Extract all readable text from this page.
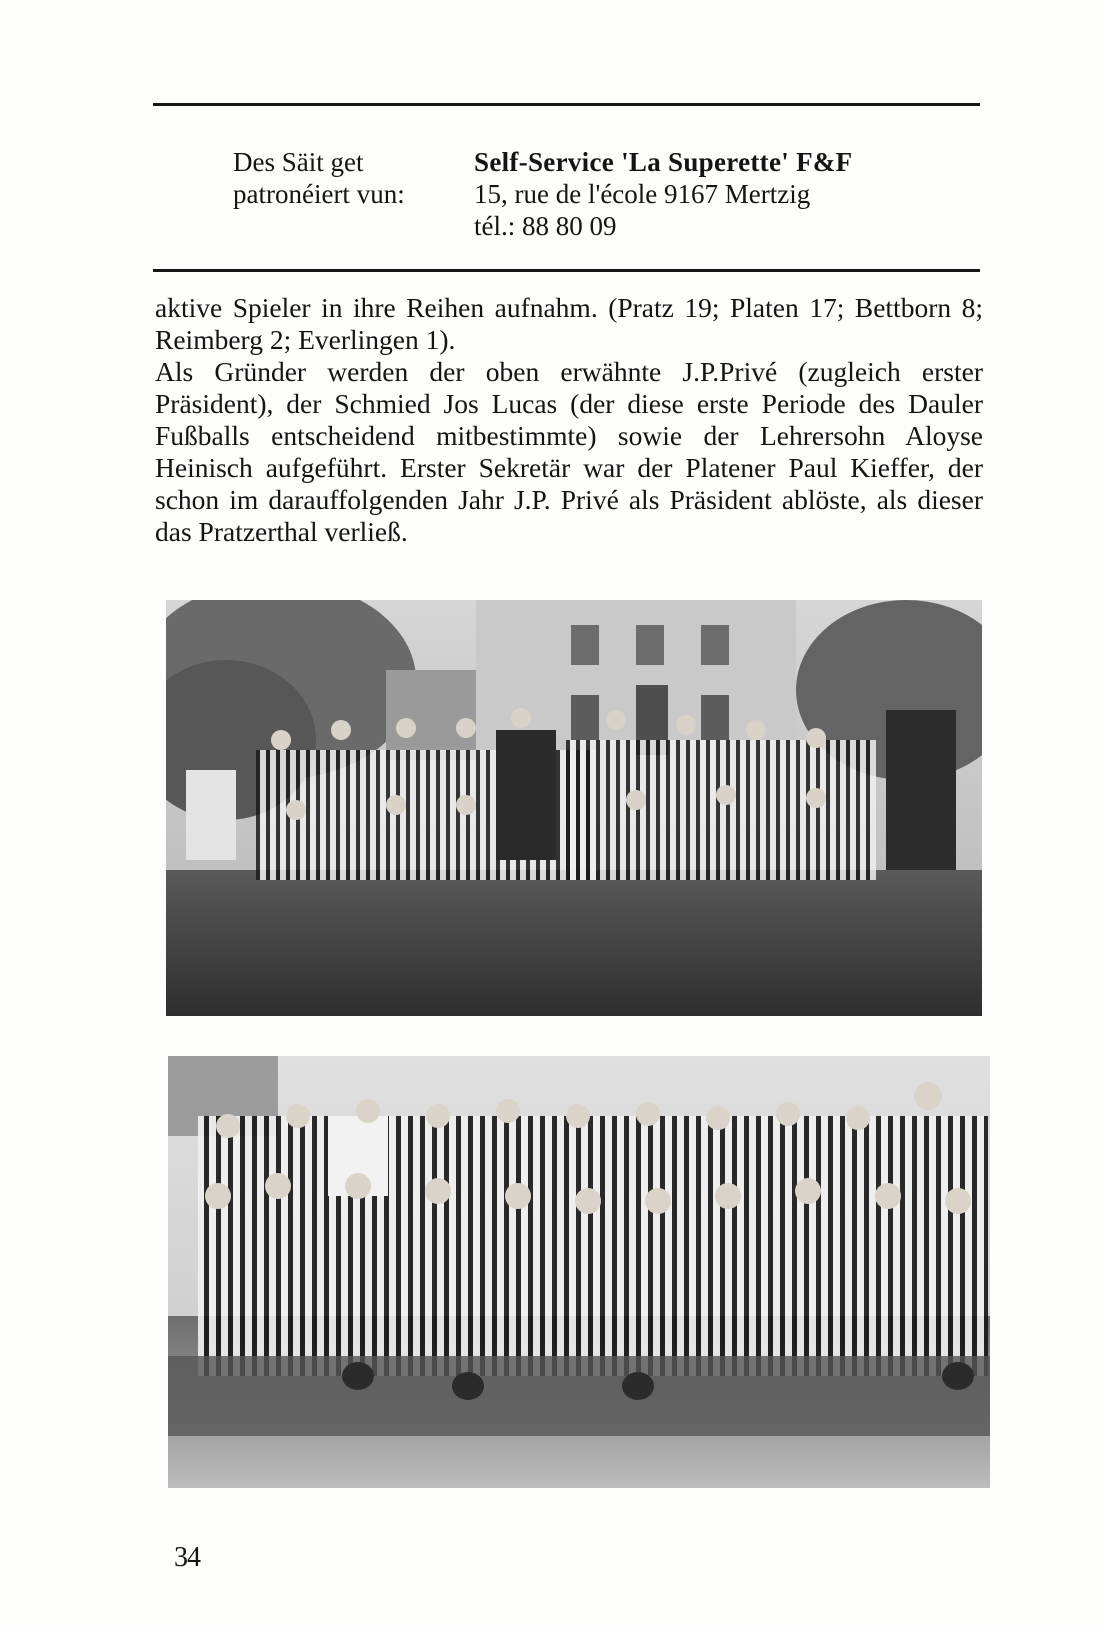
Des Säit get
patronéiert vun:
Self-Service 'La Superette' F&F
15, rue de l'école 9167 Mertzig
tél.: 88 80 09

aktive Spieler in ihre Reihen aufnahm. (Pratz 19; Platen 17; Bettborn 8; Reimberg 2; Everlingen 1).

Als Gründer werden der oben erwähnte J.P.Privé (zugleich erster Präsident), der Schmied Jos Lucas (der diese erste Periode des Dauler Fußballs entscheidend mitbestimmte) sowie der Lehrersohn Aloyse Heinisch aufgeführt. Erster Sekretär war der Platener Paul Kieffer, der schon im darauffolgenden Jahr J.P. Privé als Präsident ablöste, als dieser das Pratzerthal verließ.

34
